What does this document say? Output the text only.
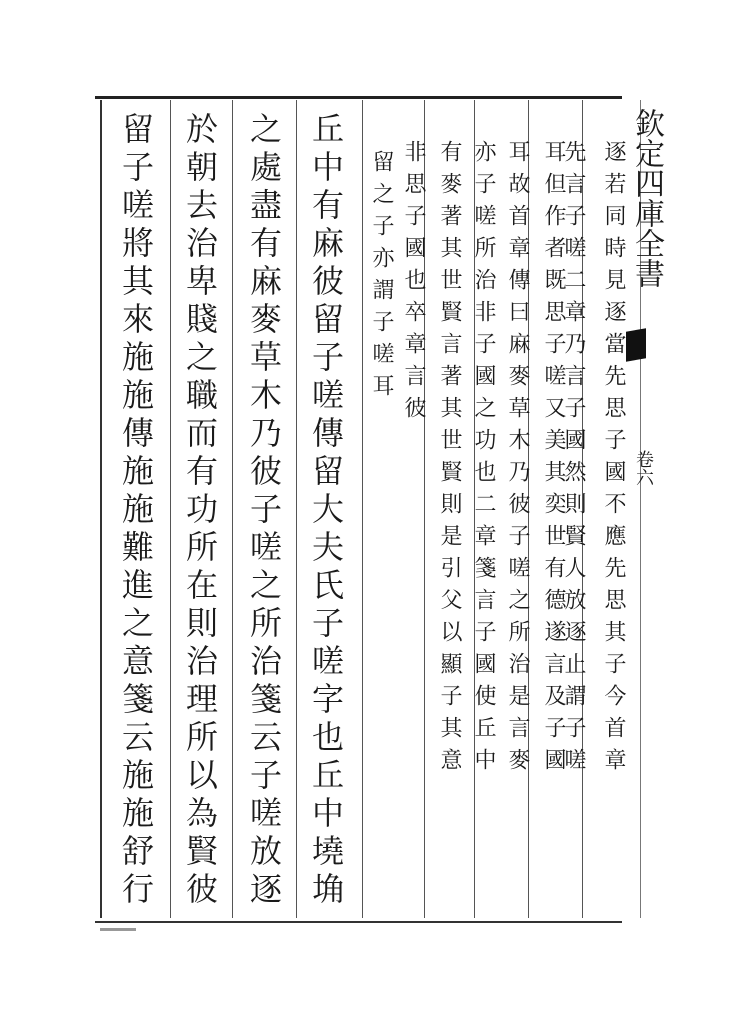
欽定四庫全書
卷六
逐若同時見逐當先思子國不應先思其子今首章
先言子嗟二章乃言子國然則賢人放逐止謂子嗟
耳但作者既思子嗟又美其奕世有德遂言及子國
耳故首章傳曰麻麥草木乃彼子嗟之所治是言麥
亦子嗟所治非子國之功也二章箋言子國使丘中
有麥著其世賢言著其世賢則是引父以顯子其意
非思子國也卒章言彼
留之子亦謂子嗟耳
丘中有麻彼留子嗟傳留大夫氏子嗟字也丘中墝埆
之處盡有麻麥草木乃彼子嗟之所治箋云子嗟放逐
於朝去治卑賤之職而有功所在則治理所以為賢彼
留子嗟將其來施施傳施施難進之意箋云施施舒行
